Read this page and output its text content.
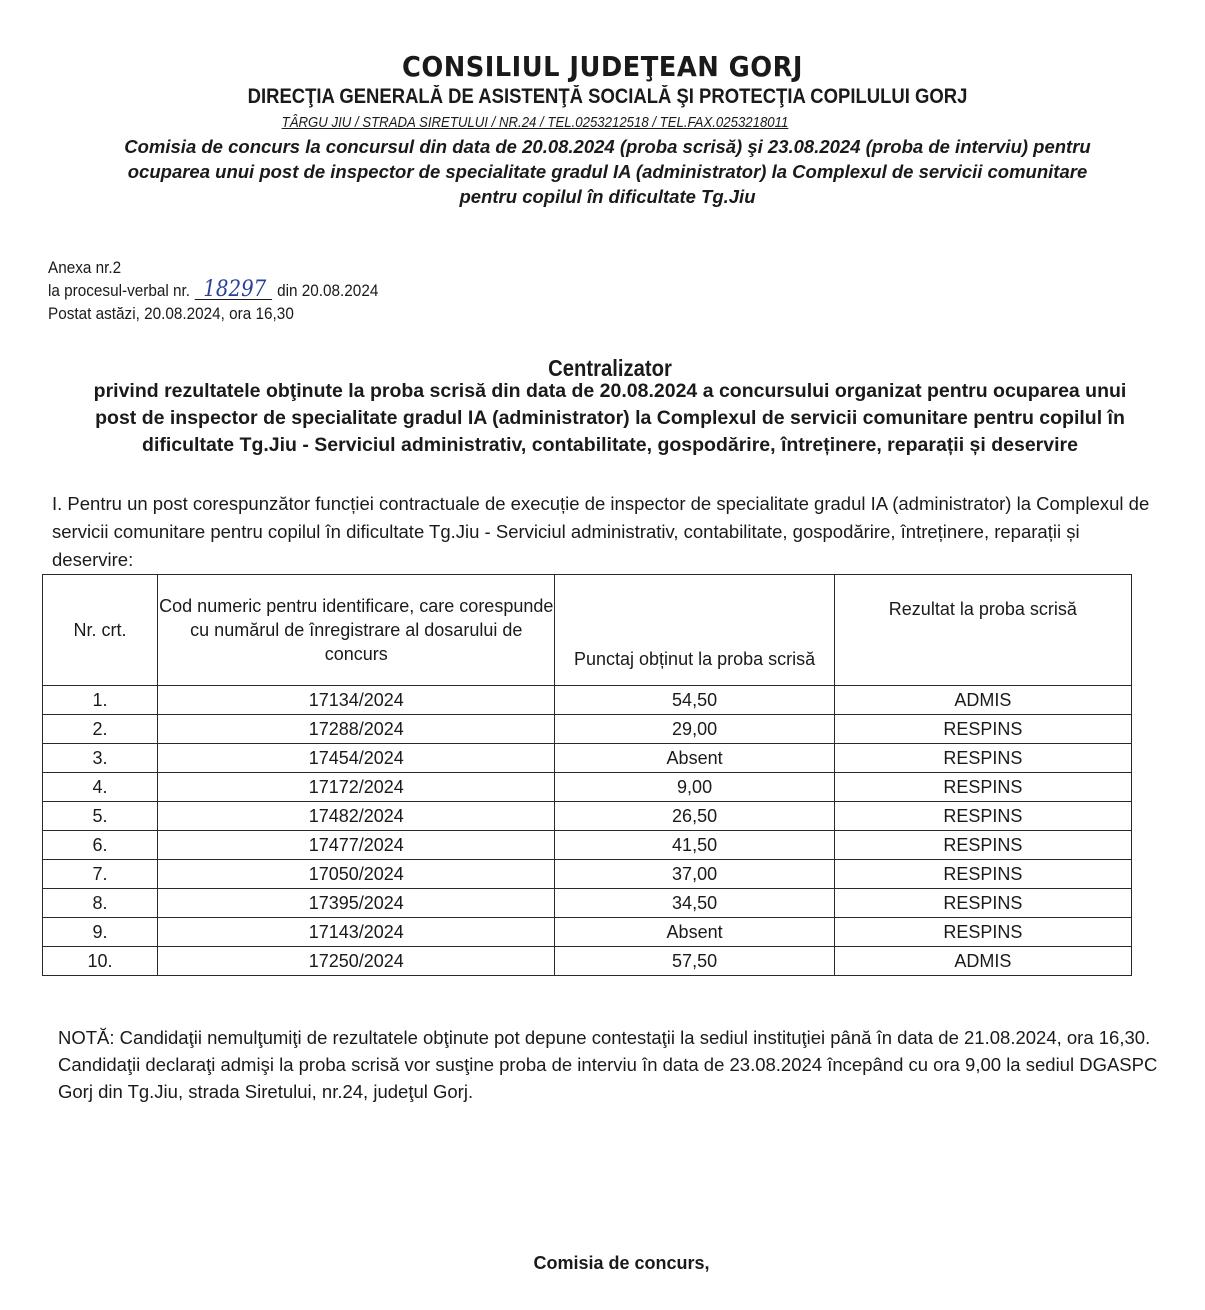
CONSILIUL JUDEŢEAN GORJ
DIRECŢIA GENERALĂ DE ASISTENŢĂ SOCIALĂ ŞI PROTECŢIA COPILULUI GORJ
TÂRGU JIU / STRADA SIRETULUI / NR.24 / TEL.0253212518 / TEL.FAX.0253218011
Comisia de concurs la concursul din data de 20.08.2024 (proba scrisă) şi 23.08.2024 (proba de interviu) pentru
ocuparea unui post de inspector de specialitate gradul IA (administrator) la Complexul de servicii comunitare
pentru copilul în dificultate Tg.Jiu
Anexa nr.2
la procesul-verbal nr. 18297 din 20.08.2024
Postat astăzi, 20.08.2024, ora 16,30
Centralizator
privind rezultatele obţinute la proba scrisă din data de 20.08.2024 a concursului organizat pentru ocuparea unui
post de inspector de specialitate gradul IA (administrator) la Complexul de servicii comunitare pentru copilul în
dificultate Tg.Jiu - Serviciul administrativ, contabilitate, gospodărire, întreținere, reparații și deservire
I. Pentru un post corespunzător funcției contractuale de execuție de inspector de specialitate gradul IA (administrator) la Complexul de servicii comunitare pentru copilul în dificultate Tg.Jiu - Serviciul administrativ, contabilitate, gospodărire, întreținere, reparații și deservire:
Nr. crt.	Cod numeric pentru identificare, care corespunde cu numărul de înregistrare al dosarului de concurs	Punctaj obținut la proba scrisă	Rezultat la proba scrisă
1.	17134/2024	54,50	ADMIS
2.	17288/2024	29,00	RESPINS
3.	17454/2024	Absent	RESPINS
4.	17172/2024	9,00	RESPINS
5.	17482/2024	26,50	RESPINS
6.	17477/2024	41,50	RESPINS
7.	17050/2024	37,00	RESPINS
8.	17395/2024	34,50	RESPINS
9.	17143/2024	Absent	RESPINS
10.	17250/2024	57,50	ADMIS
NOTĂ: Candidaţii nemulţumiţi de rezultatele obţinute pot depune contestaţii la sediul instituţiei până în data de 21.08.2024, ora 16,30.
Candidaţii declaraţi admişi la proba scrisă vor susţine proba de interviu în data de 23.08.2024 începând cu ora 9,00 la sediul DGASPC Gorj din Tg.Jiu, strada Siretului, nr.24, judeţul Gorj.
Comisia de concurs,
